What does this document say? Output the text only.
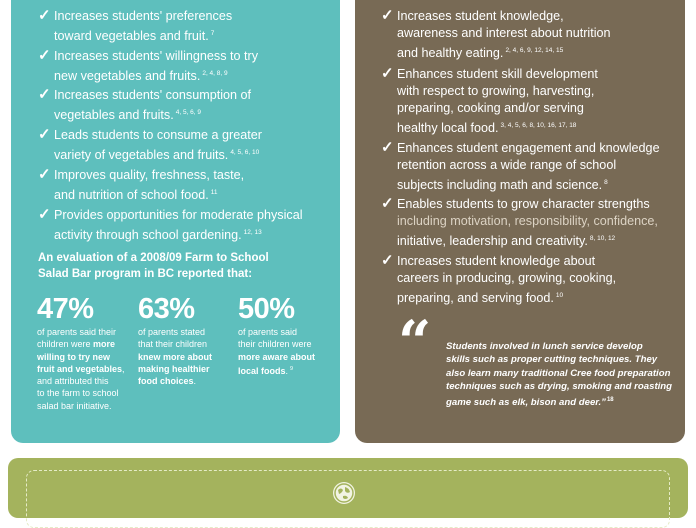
✓ Increases students' preferences
toward vegetables and fruit. $^7$
✓ Increases students' willingness to try
new vegetables and fruits. $^{2, 4, 8, 9}$
✓ Increases students' consumption of
vegetables and fruits. $^{4, 5, 6, 9}$
✓ Leads students to consume a greater
variety of vegetables and fruits. $^{4, 5, 6, 10}$
✓ Improves quality, freshness, taste,
and nutrition of school food. $^{11}$
✓ Provides opportunities for moderate physical
activity through school gardening. $^{12, 13}$
An evaluation of a 2008/09 Farm to School
Salad Bar program in BC reported that:
47%
of parents said their
children were more
willing to try new
fruit and vegetables,
and attributed this
to the farm to school
salad bar initiative.
63%
of parents stated
that their children
knew more about
making healthier
food choices.
50%
of parents said
their children were
more aware about
local foods. $^9$
✓ Increases student knowledge,
awareness and interest about nutrition
and healthy eating. $^{2, 4, 6, 9, 12, 14, 15}$
✓ Enhances student skill development
with respect to growing, harvesting,
preparing, cooking and/or serving
healthy local food. $^{3, 4, 5, 6, 8, 10, 16, 17, 18}$
✓ Enhances student engagement and knowledge
retention across a wide range of school
subjects including math and science. $^8$
✓ Enables students to grow character strengths
including motivation, responsibility, confidence,
initiative, leadership and creativity. $^{8, 10, 12}$
✓ Increases student knowledge about
careers in producing, growing, cooking,
preparing, and serving food. $^{10}$
“ Students involved in lunch service develop
skills such as proper cutting techniques. They
also learn many traditional Cree food preparation
techniques such as drying, smoking and roasting
game such as elk, bison and deer.”$^{18}$
